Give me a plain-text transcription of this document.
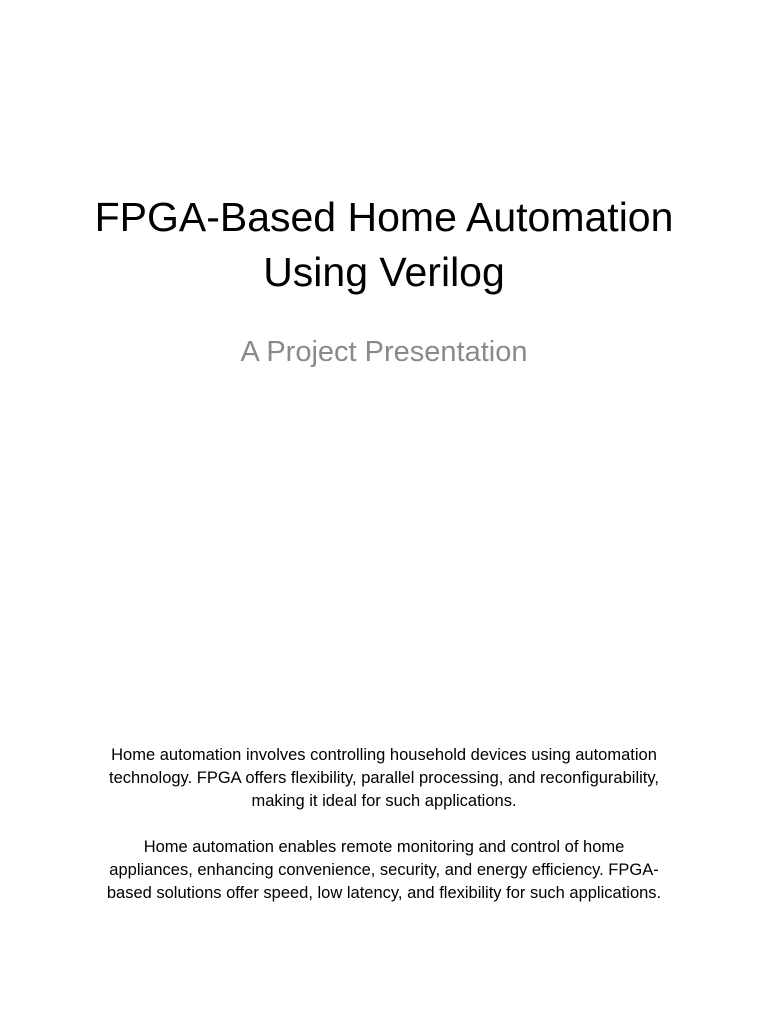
FPGA-Based Home Automation
Using Verilog

A Project Presentation

Home automation involves controlling household devices using automation
technology. FPGA offers flexibility, parallel processing, and reconfigurability,
making it ideal for such applications.

Home automation enables remote monitoring and control of home
appliances, enhancing convenience, security, and energy efficiency. FPGA-
based solutions offer speed, low latency, and flexibility for such applications.
